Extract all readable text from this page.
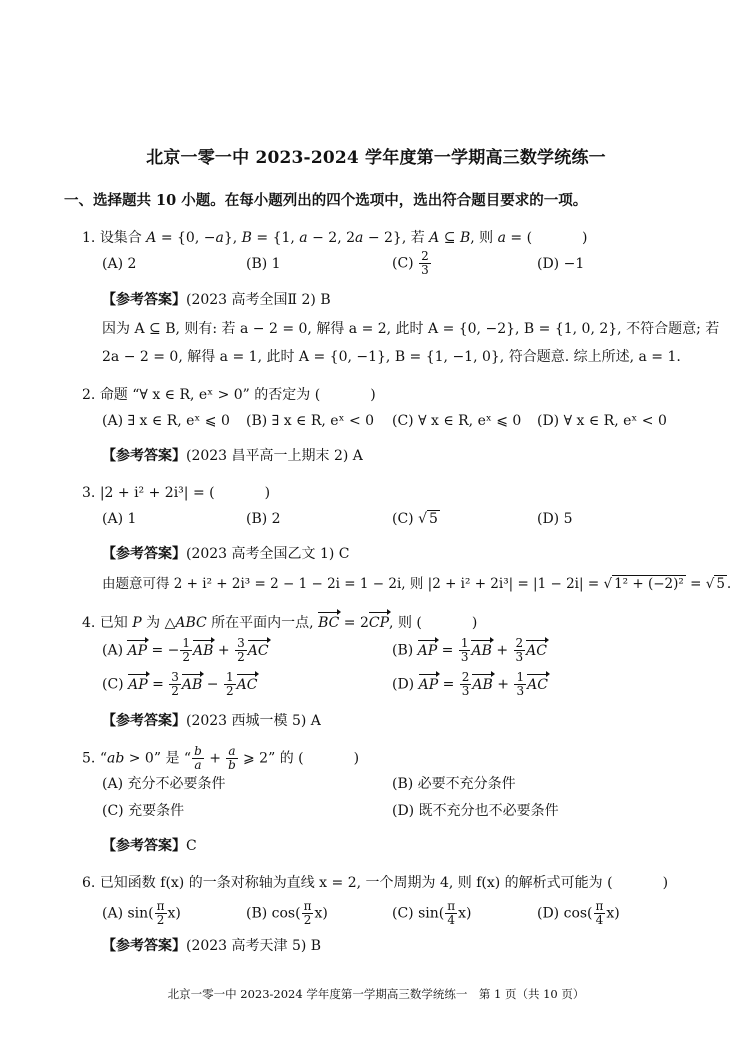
北京一零一中 2023-2024 学年度第一学期高三数学统练一
一、选择题共 10 小题。在每小题列出的四个选项中，选出符合题目要求的一项。
1. 设集合 A = {0, −a}, B = {1, a − 2, 2a − 2}, 若 A ⊆ B, 则 a = (	)
(A) 2	(B) 1	$(C) \frac{2}{3}$	(D) −1
【参考答案】(2023 高考全国Ⅱ 2) B
因为 A ⊆ B, 则有: 若 a − 2 = 0, 解得 a = 2, 此时 A = {0, −2}, B = {1, 0, 2}, 不符合题意; 若
2a − 2 = 0, 解得 a = 1, 此时 A = {0, −1}, B = {1, −1, 0}, 符合题意. 综上所述, a = 1.
2. 命题 “∀ x ∈ R, eˣ > 0” 的否定为 (	)
(A) ∃ x ∈ R, eˣ ⩽ 0 (B) ∃ x ∈ R, eˣ < 0 (C) ∀ x ∈ R, eˣ ⩽ 0 (D) ∀ x ∈ R, eˣ < 0
【参考答案】(2023 昌平高一上期末 2) A
3. |2 + i² + 2i³| = (	)
(A) 1	(B) 2	(C) √ 5	(D) 5
【参考答案】(2023 高考全国乙文 1) C
由题意可得 2 + i² + 2i³ = 2 − 1 − 2i = 1 − 2i, 则 |2 + i² + 2i³| = |1 − 2i| = √ 1² + (−2)² = √ 5 .
4. 已知 P 为 △ABC 所在平面内一点, BC = 2CP, 则 (	)
(A) AP = − $\frac{1}{2}$ AB + $\frac{3}{2}$ AC	(B) AP = $\frac{1}{3}$ AB + $\frac{2}{3}$ AC
(C) AP = $\frac{3}{2}$ AB − $\frac{1}{2}$ AC	(D) AP = $\frac{2}{3}$ AB + $\frac{1}{3}$ AC
【参考答案】(2023 西城一模 5) A
5. “ab > 0” 是 “ $\frac{b}{a} + \frac{a}{b}$ ⩾ 2” 的 (	)
(A) 充分不必要条件	(B) 必要不充分条件
(C) 充要条件	(D) 既不充分也不必要条件
【参考答案】C
6. 已知函数 f(x) 的一条对称轴为直线 x = 2, 一个周期为 4, 则 f(x) 的解析式可能为 (	)
(A) $\sin( \frac{\pi}{2} x)$	(B) $\cos( \frac{\pi}{2} x)$	(C) $\sin( \frac{\pi}{4} x)$	(D) $\cos( \frac{\pi}{4} x)$
【参考答案】(2023 高考天津 5) B
北京一零一中 2023-2024 学年度第一学期高三数学统练一　第 1 页（共 10 页）
